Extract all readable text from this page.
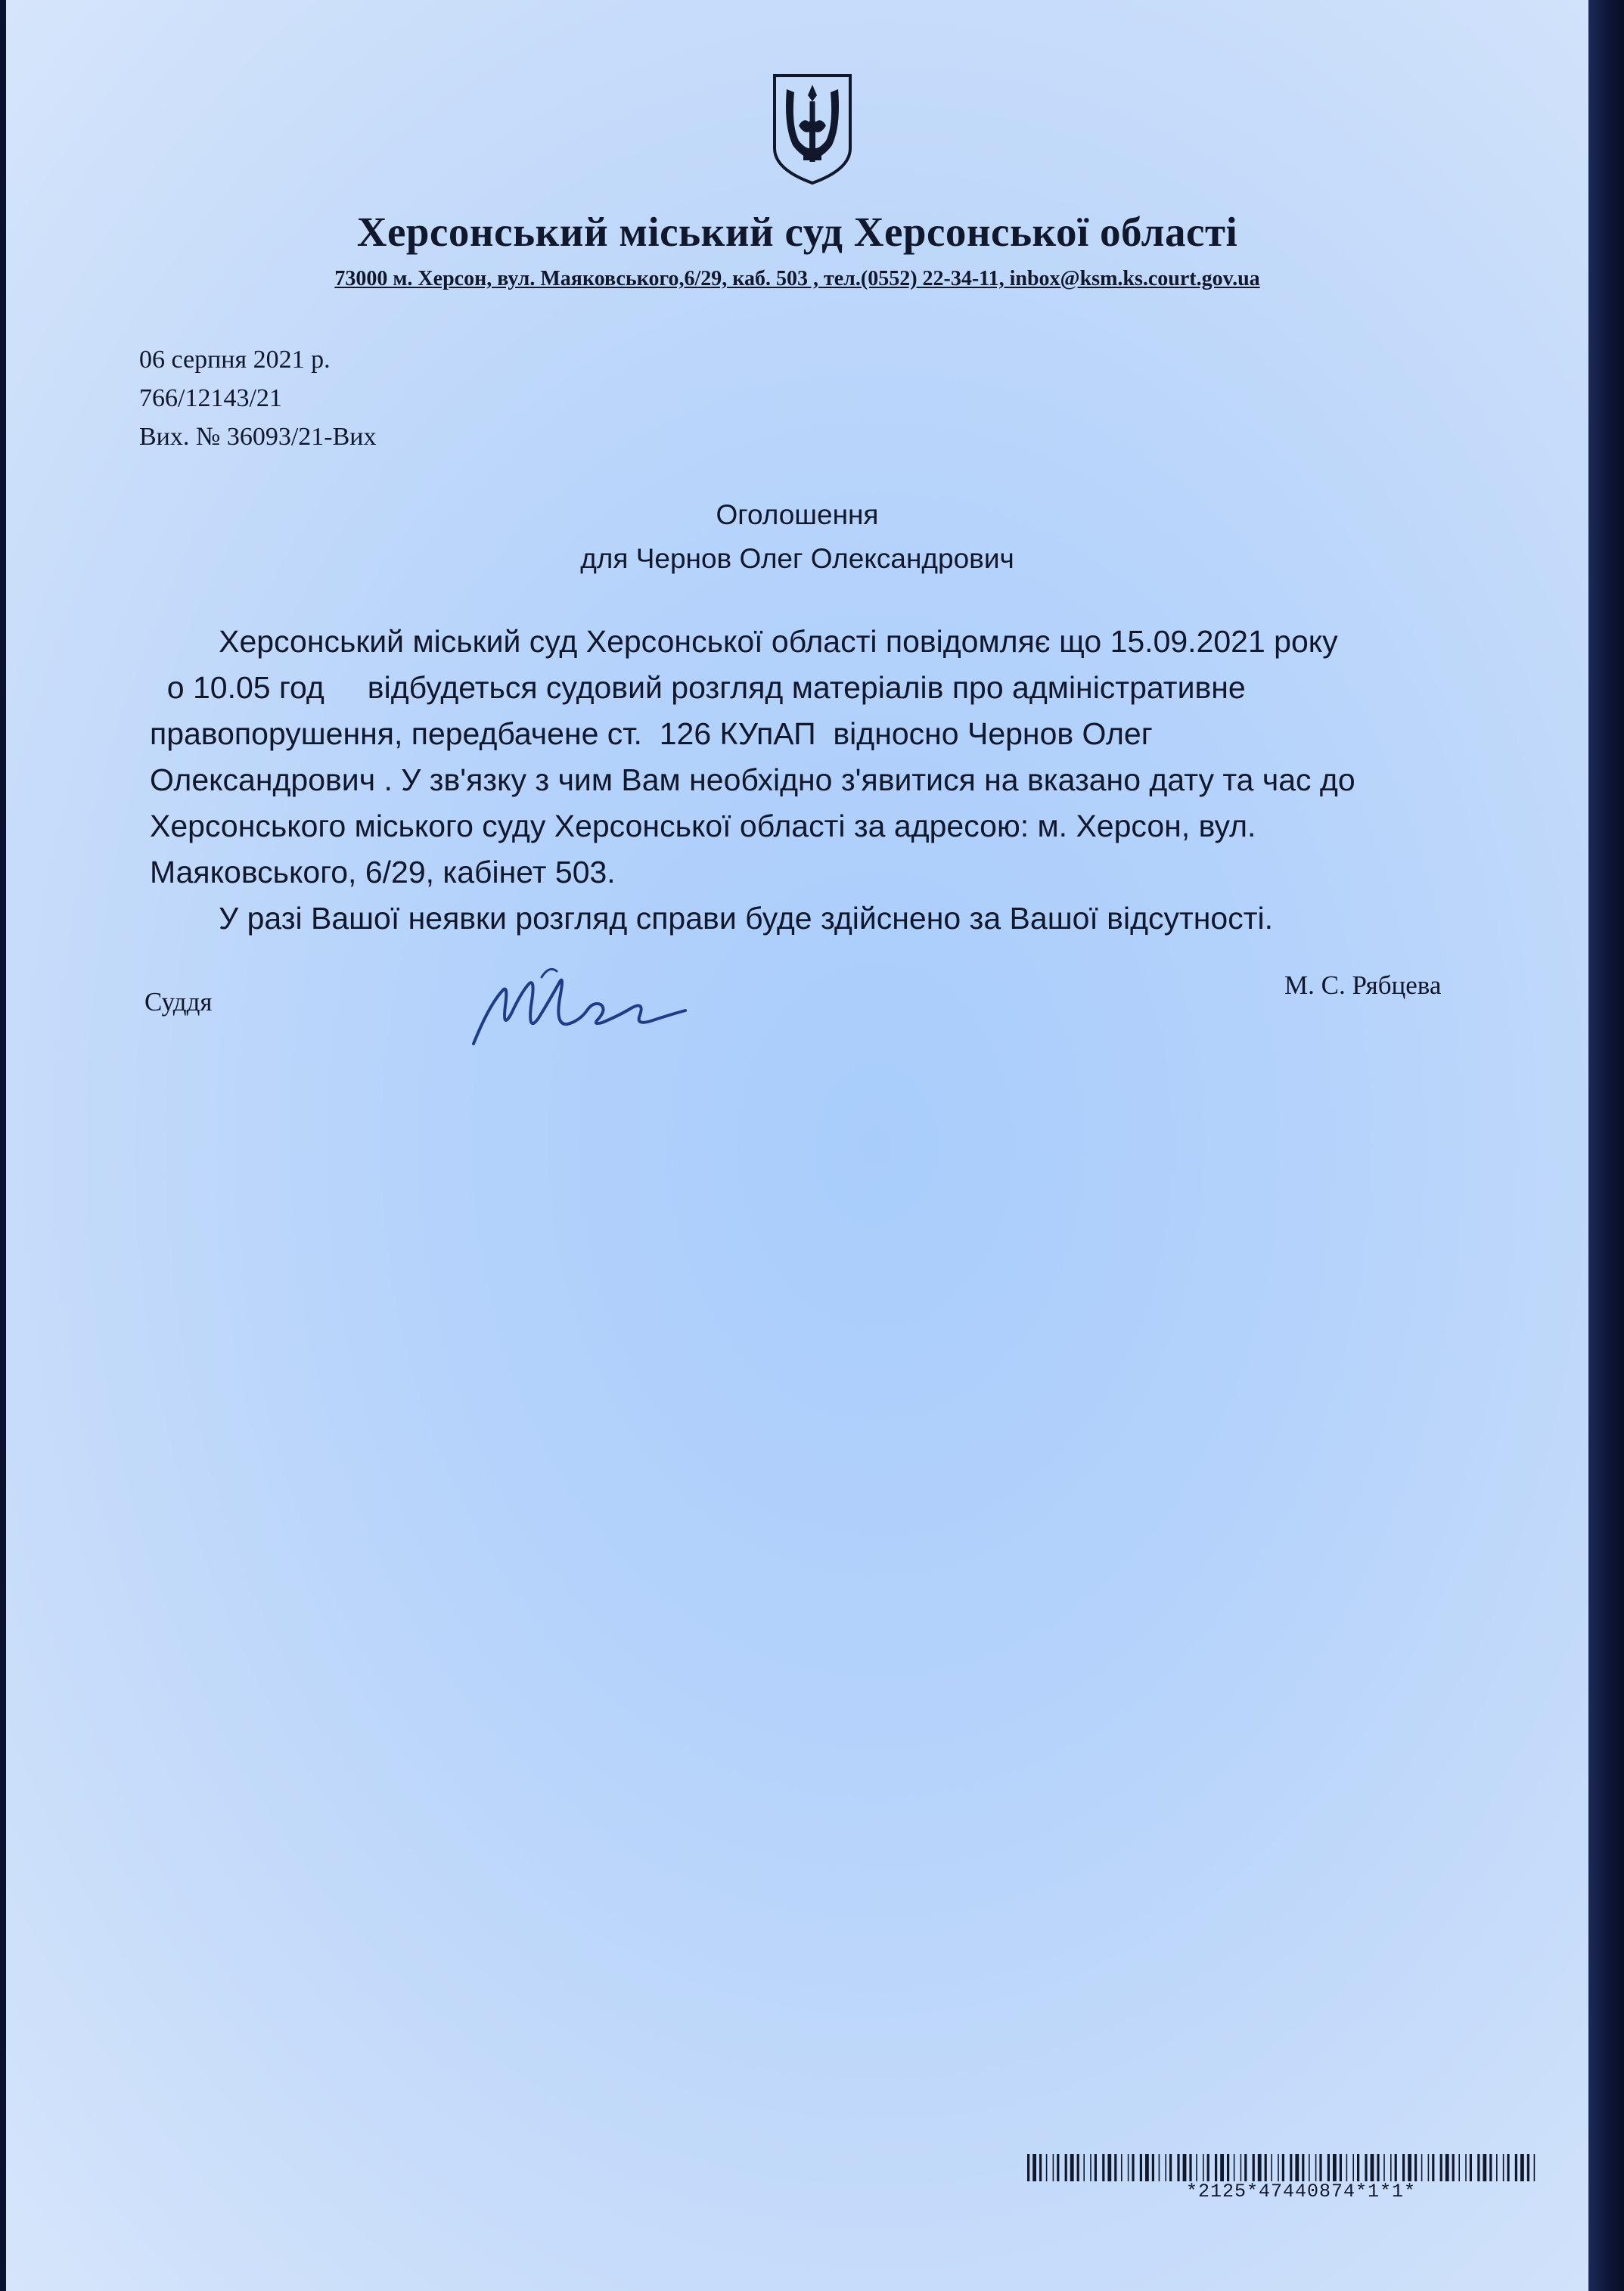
Херсонський міський суд Херсонської області
73000 м. Херсон, вул. Маяковського,6/29, каб. 503 , тел.(0552) 22-34-11, inbox@ksm.ks.court.gov.ua
06 серпня 2021 р.
766/12143/21
Вих. № 36093/21-Вих
Оголошення
для Чернов Олег Олександрович
Херсонський міський суд Херсонської області повідомляє що 15.09.2021 року
о 10.05 год     відбудеться судовий розгляд матеріалів про адміністративне
правопорушення, передбачене ст.  126 КУпАП  відносно Чернов Олег
Олександрович . У зв'язку з чим Вам необхідно з'явитися на вказано дату та час до
Херсонського міського суду Херсонської області за адресою: м. Херсон, вул.
Маяковського, 6/29, кабінет 503.
У разі Вашої неявки розгляд справи буде здійснено за Вашої відсутності.
Суддя
М. С. Рябцева
*2125*47440874*1*1*
